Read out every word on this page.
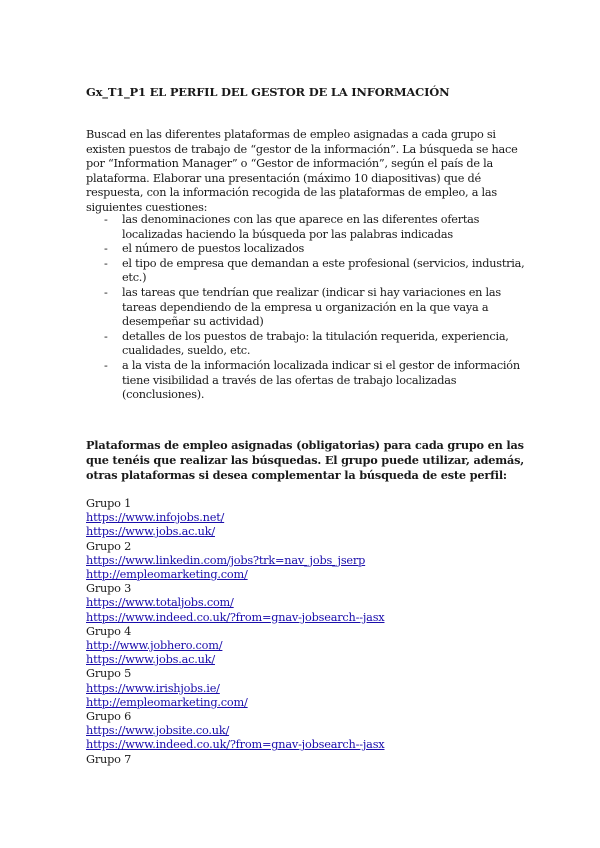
Gx_T1_P1 EL PERFIL DEL GESTOR DE LA INFORMACIÓN
Buscad en las diferentes plataformas de empleo asignadas a cada grupo si existen puestos de trabajo de “gestor de la información”. La búsqueda se hace por “Information Manager” o “Gestor de información”, según el país de la plataforma. Elaborar una presentación (máximo 10 diapositivas) que dé respuesta, con la información recogida de las plataformas de empleo, a las siguientes cuestiones:
- las denominaciones con las que aparece en las diferentes ofertas localizadas haciendo la búsqueda por las palabras indicadas
- el número de puestos localizados
- el tipo de empresa que demandan a este profesional (servicios, industria, etc.)
- las tareas que tendrían que realizar (indicar si hay variaciones en las tareas dependiendo de la empresa u organización en la que vaya a desempeñar su actividad)
- detalles de los puestos de trabajo: la titulación requerida, experiencia, cualidades, sueldo, etc.
- a la vista de la información localizada indicar si el gestor de información tiene visibilidad a través de las ofertas de trabajo localizadas (conclusiones).
Plataformas de empleo asignadas (obligatorias) para cada grupo en las que tenéis que realizar las búsquedas. El grupo puede utilizar, además, otras plataformas si desea complementar la búsqueda de este perfil:
Grupo 1
https://www.infojobs.net/
https://www.jobs.ac.uk/
Grupo 2
https://www.linkedin.com/jobs?trk=nav_jobs_jserp
http://empleomarketing.com/
Grupo 3
https://www.totaljobs.com/
https://www.indeed.co.uk/?from=gnav-jobsearch--jasx
Grupo 4
http://www.jobhero.com/
https://www.jobs.ac.uk/
Grupo 5
https://www.irishjobs.ie/
http://empleomarketing.com/
Grupo 6
https://www.jobsite.co.uk/
https://www.indeed.co.uk/?from=gnav-jobsearch--jasx
Grupo 7
